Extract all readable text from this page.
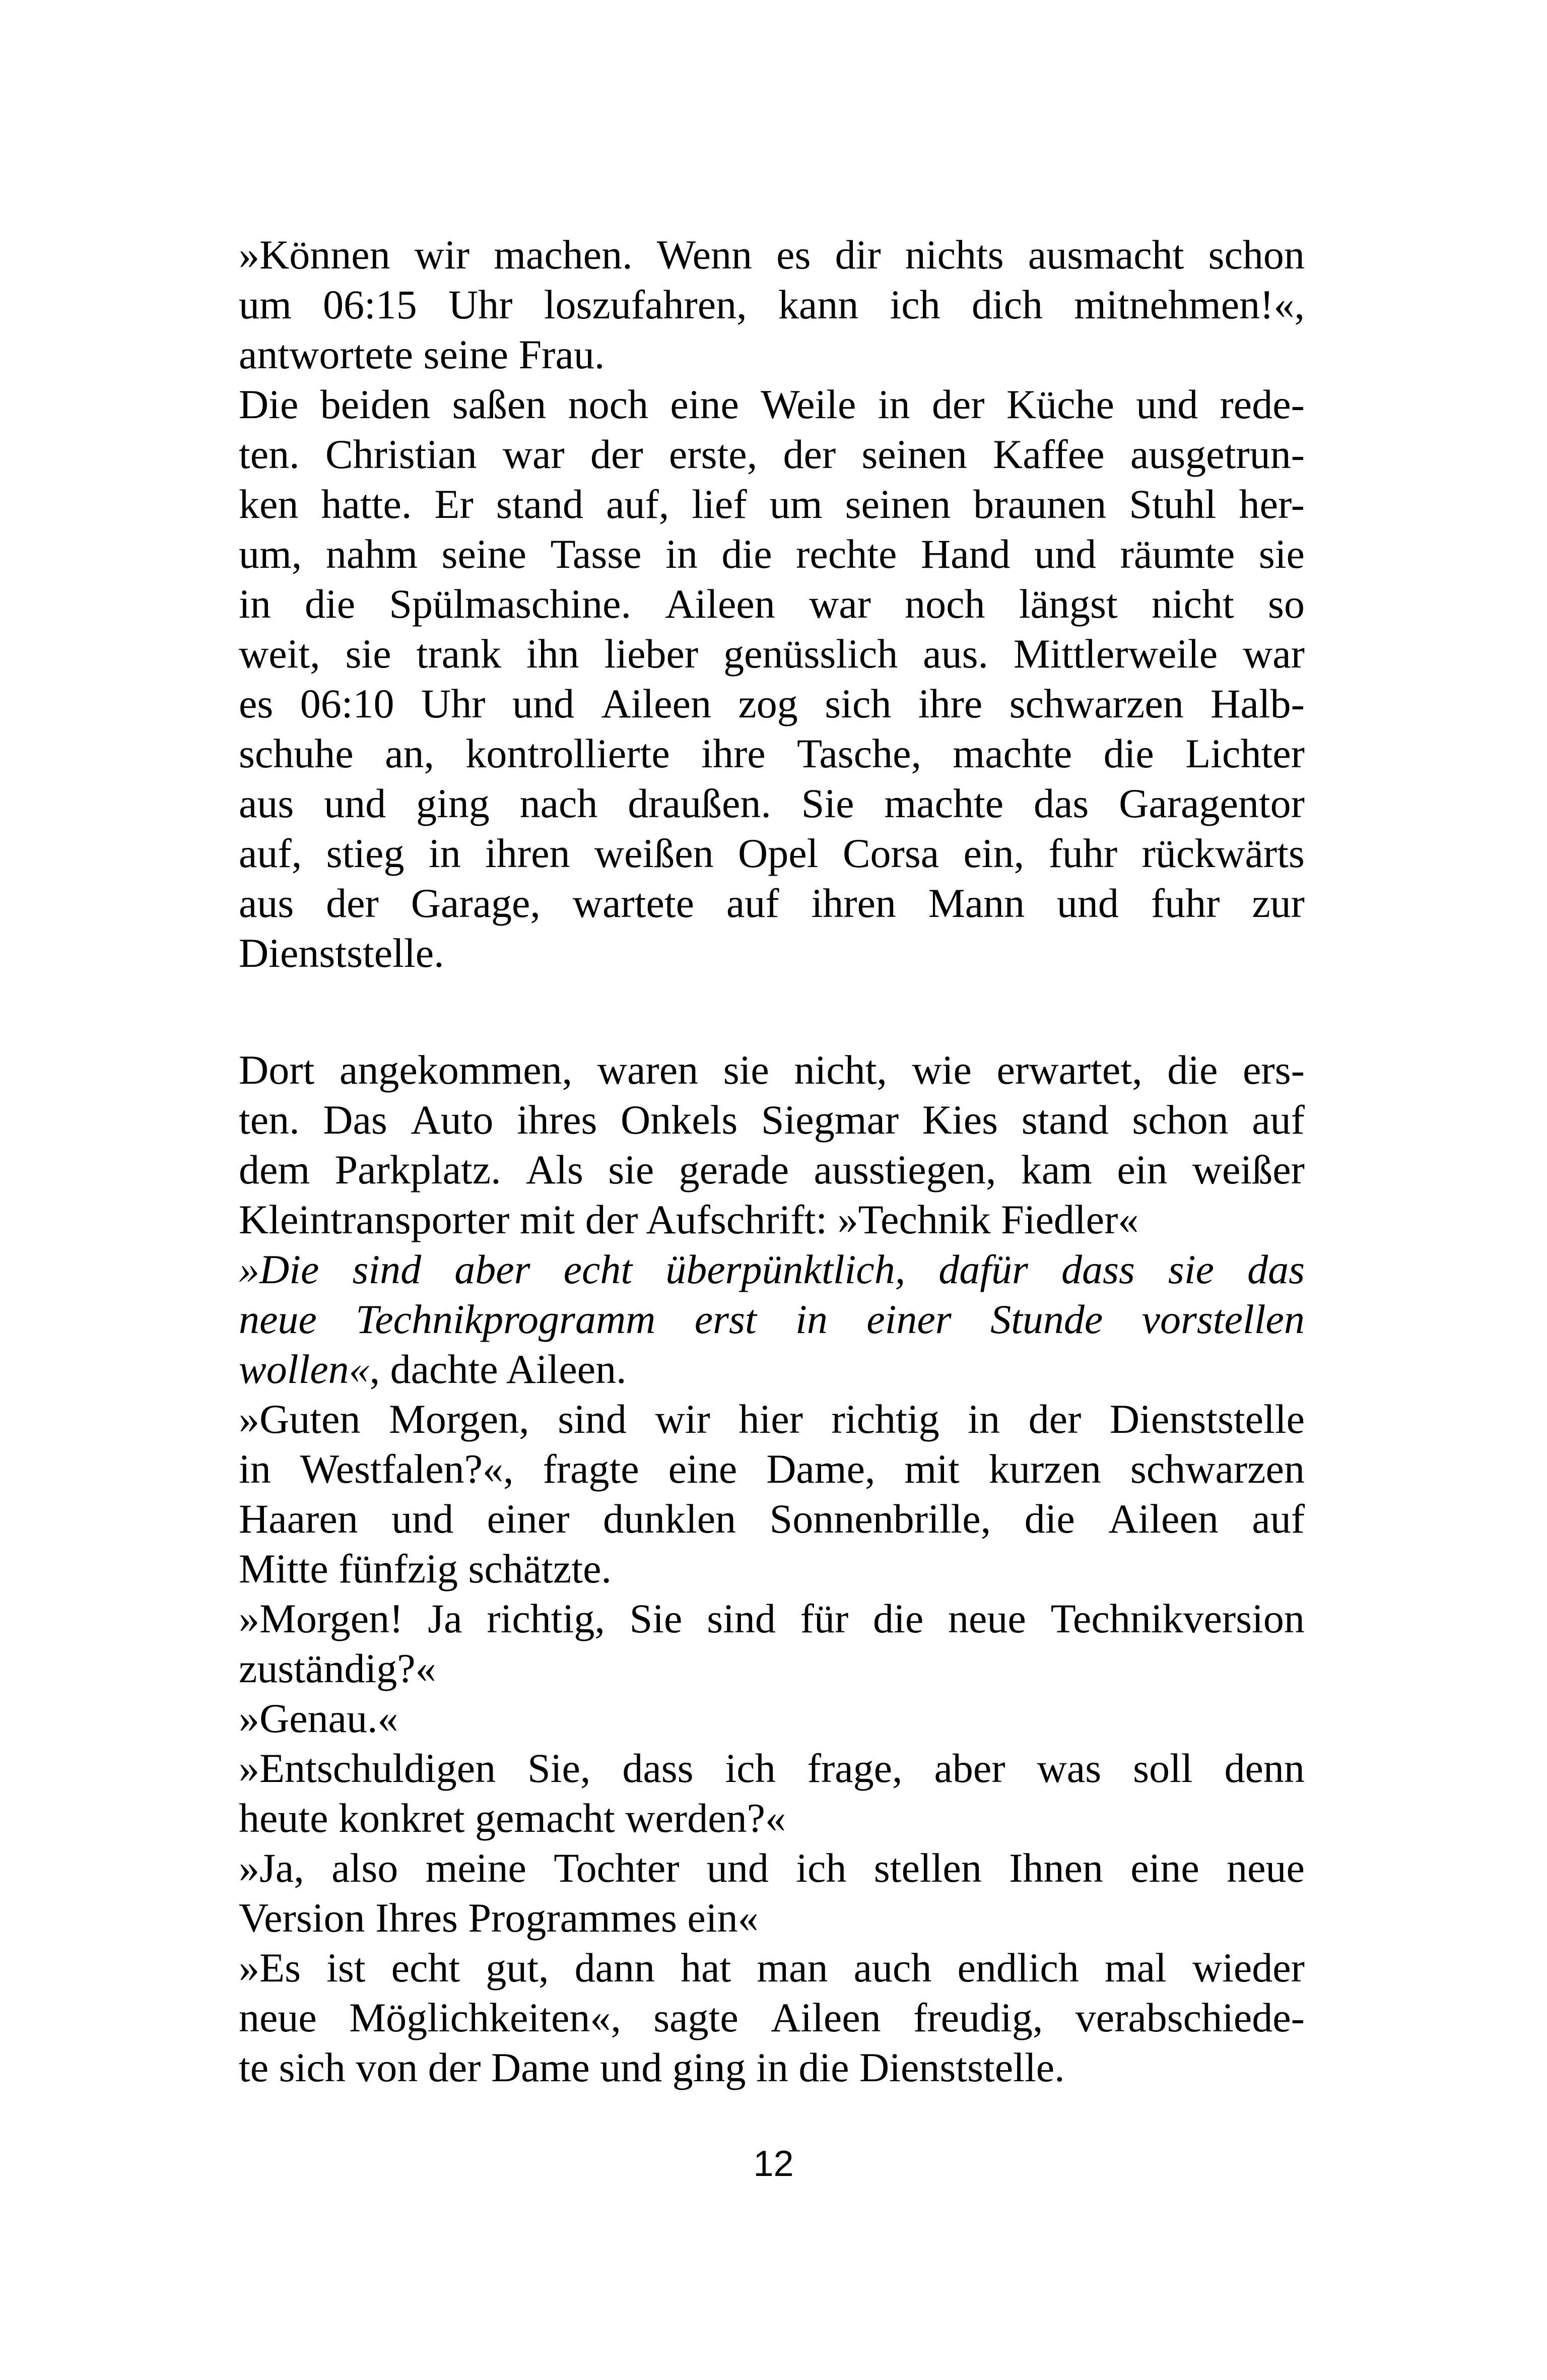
»Können wir machen. Wenn es dir nichts ausmacht schon
um 06:15 Uhr loszufahren, kann ich dich mitnehmen!«,
antwortete seine Frau.
Die beiden saßen noch eine Weile in der Küche und rede-
ten. Christian war der erste, der seinen Kaffee ausgetrun-
ken hatte. Er stand auf, lief um seinen braunen Stuhl her-
um, nahm seine Tasse in die rechte Hand und räumte sie
in die Spülmaschine. Aileen war noch längst nicht so
weit, sie trank ihn lieber genüsslich aus. Mittlerweile war
es 06:10 Uhr und Aileen zog sich ihre schwarzen Halb-
schuhe an, kontrollierte ihre Tasche, machte die Lichter
aus und ging nach draußen. Sie machte das Garagentor
auf, stieg in ihren weißen Opel Corsa ein, fuhr rückwärts
aus der Garage, wartete auf ihren Mann und fuhr zur
Dienststelle.
Dort angekommen, waren sie nicht, wie erwartet, die ers-
ten. Das Auto ihres Onkels Siegmar Kies stand schon auf
dem Parkplatz. Als sie gerade ausstiegen, kam ein weißer
Kleintransporter mit der Aufschrift: »Technik Fiedler«
»Die sind aber echt überpünktlich, dafür dass sie das
neue Technikprogramm erst in einer Stunde vorstellen
wollen« , dachte Aileen.
»Guten Morgen, sind wir hier richtig in der Dienststelle
in Westfalen?«, fragte eine Dame, mit kurzen schwarzen
Haaren und einer dunklen Sonnenbrille, die Aileen auf
Mitte fünfzig schätzte.
»Morgen! Ja richtig, Sie sind für die neue Technikversion
zuständig?«
»Genau.«
»Entschuldigen Sie, dass ich frage, aber was soll denn
heute konkret gemacht werden?«
»Ja, also meine Tochter und ich stellen Ihnen eine neue
Version Ihres Programmes ein«
»Es ist echt gut, dann hat man auch endlich mal wieder
neue Möglichkeiten«, sagte Aileen freudig, verabschiede-
te sich von der Dame und ging in die Dienststelle.
12
